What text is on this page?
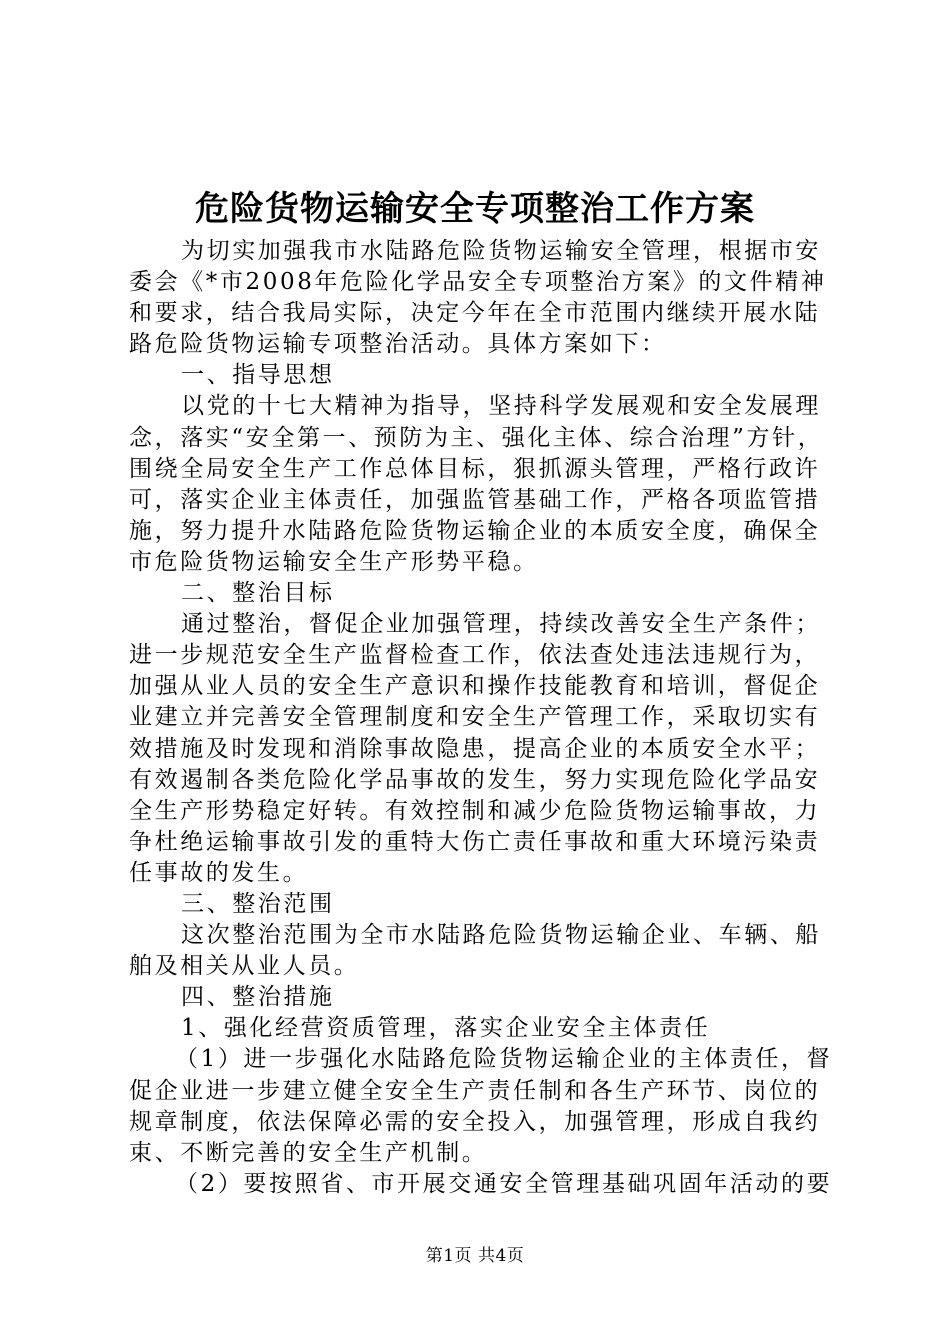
危险货物运输安全专项整治工作方案
为切实加强我市水陆路危险货物运输安全管理，根据市安
委会《*市2008年危险化学品安全专项整治方案》的文件精神
和要求，结合我局实际，决定今年在全市范围内继续开展水陆
路危险货物运输专项整治活动。具体方案如下：
一、指导思想
以党的十七大精神为指导，坚持科学发展观和安全发展理
念，落实“安全第一、预防为主、强化主体、综合治理”方针，
围绕全局安全生产工作总体目标，狠抓源头管理，严格行政许
可，落实企业主体责任，加强监管基础工作，严格各项监管措
施，努力提升水陆路危险货物运输企业的本质安全度，确保全
市危险货物运输安全生产形势平稳。
二、整治目标
通过整治，督促企业加强管理，持续改善安全生产条件；
进一步规范安全生产监督检查工作，依法查处违法违规行为，
加强从业人员的安全生产意识和操作技能教育和培训，督促企
业建立并完善安全管理制度和安全生产管理工作，采取切实有
效措施及时发现和消除事故隐患，提高企业的本质安全水平；
有效遏制各类危险化学品事故的发生，努力实现危险化学品安
全生产形势稳定好转。有效控制和减少危险货物运输事故，力
争杜绝运输事故引发的重特大伤亡责任事故和重大环境污染责
任事故的发生。
三、整治范围
这次整治范围为全市水陆路危险货物运输企业、车辆、船
舶及相关从业人员。
四、整治措施
1、强化经营资质管理，落实企业安全主体责任
（1）进一步强化水陆路危险货物运输企业的主体责任，督
促企业进一步建立健全安全生产责任制和各生产环节、岗位的
规章制度，依法保障必需的安全投入，加强管理，形成自我约
束、不断完善的安全生产机制。
（2）要按照省、市开展交通安全管理基础巩固年活动的要
第1页 共4页
